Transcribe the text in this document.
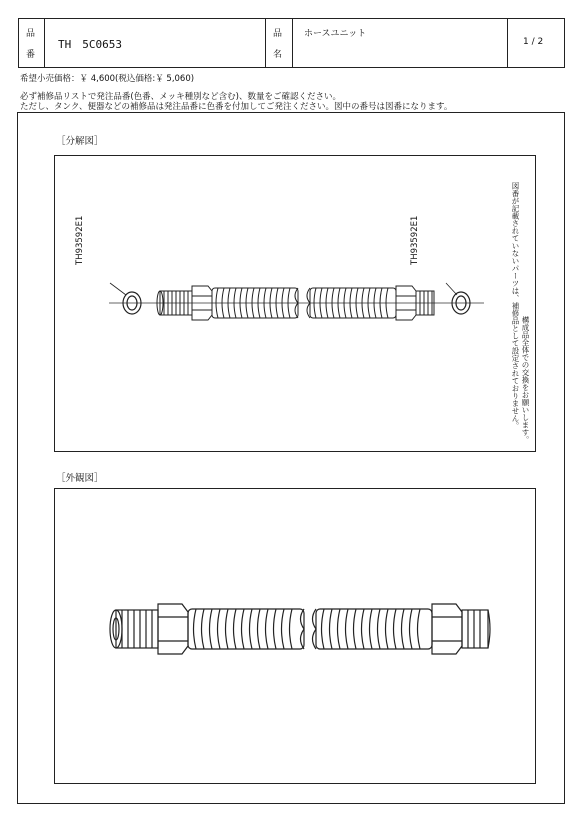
品
番
TH　5C0653
品
名
ホースユニット
1 / 2
希望小売価格：￥ 4,600(税込価格:￥ 5,060)
必ず補修品リストで発注品番(色番、メッキ種別など含む)、数量をご確認ください。
ただし、タンク、便器などの補修品は発注品番に色番を付加してご発注ください。図中の番号は図番になります。
［分解図］
TH93592E1	TH93592E1	図番が記載されていないパーツは、補修品として設定されておりません。 構成品全体での交換をお願いします。
［外観図］
